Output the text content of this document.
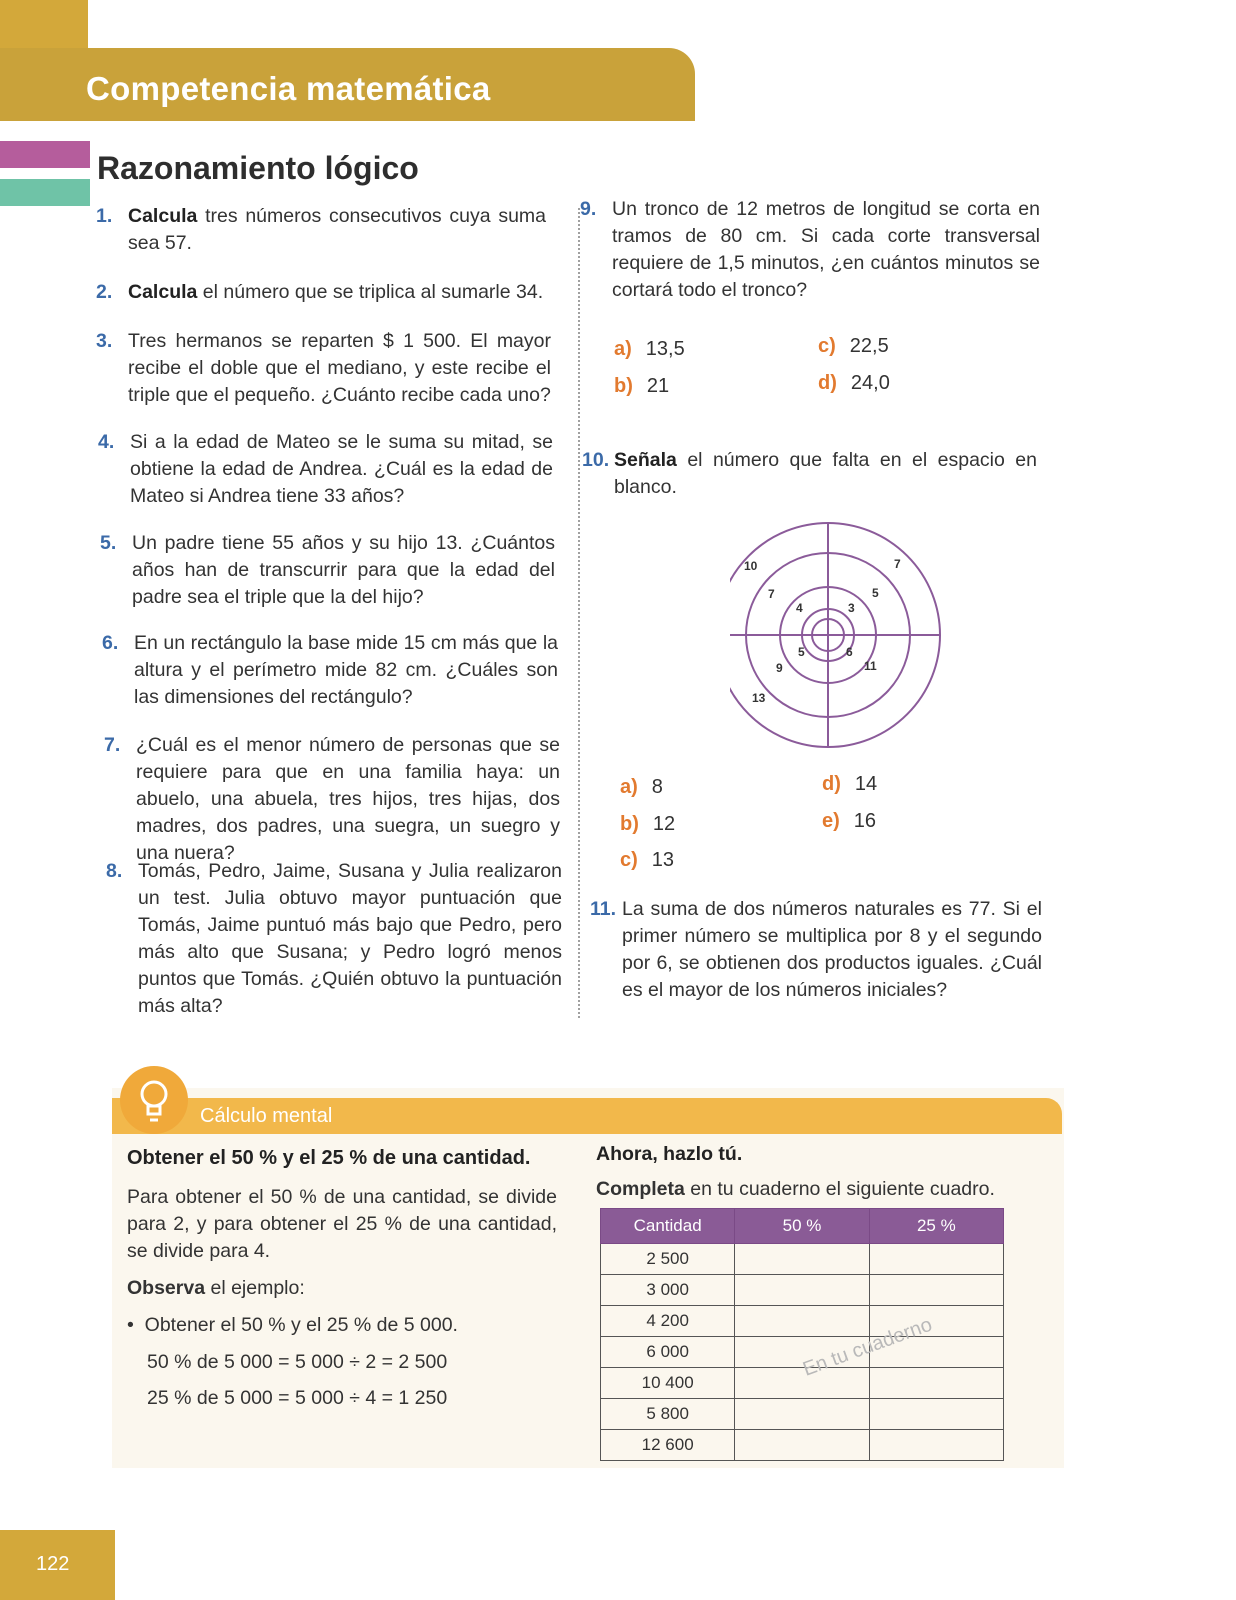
Competencia matemática
Razonamiento lógico
1. Calcula tres números consecutivos cuya suma sea 57.
2. Calcula el número que se triplica al sumarle 34.
3. Tres hermanos se reparten $ 1 500. El mayor recibe el doble que el mediano, y este recibe el triple que el pequeño. ¿Cuánto recibe cada uno?
4. Si a la edad de Mateo se le suma su mitad, se obtiene la edad de Andrea. ¿Cuál es la edad de Mateo si Andrea tiene 33 años?
5. Un padre tiene 55 años y su hijo 13. ¿Cuántos años han de transcurrir para que la edad del padre sea el triple que la del hijo?
6. En un rectángulo la base mide 15 cm más que la altura y el perímetro mide 82 cm. ¿Cuáles son las dimensiones del rectángulo?
7. ¿Cuál es el menor número de personas que se requiere para que en una familia haya: un abuelo, una abuela, tres hijos, tres hijas, dos madres, dos padres, una suegra, un suegro y una nuera?
8. Tomás, Pedro, Jaime, Susana y Julia realizaron un test. Julia obtuvo mayor puntuación que Tomás, Jaime puntuó más bajo que Pedro, pero más alto que Susana; y Pedro logró menos puntos que Tomás. ¿Quién obtuvo la puntuación más alta?
9. Un tronco de 12 metros de longitud se corta en tramos de 80 cm. Si cada corte transversal requiere de 1,5 minutos, ¿en cuántos minutos se cortará todo el tronco?
a) 13,5
b) 21
c) 22,5
d) 24,0
10. Señala el número que falta en el espacio en blanco.
10
7
7
4	3
5
5	6
9	11
13
a) 8
b) 12
c) 13
d) 14
e) 16
11. La suma de dos números naturales es 77. Si el primer número se multiplica por 8 y el segundo por 6, se obtienen dos productos iguales. ¿Cuál es el mayor de los números iniciales?
Cálculo mental
Obtener el 50 % y el 25 % de una cantidad.
Para obtener el 50 % de una cantidad, se divide para 2, y para obtener el 25 % de una cantidad, se divide para 4.
Observa el ejemplo:
•  Obtener el 50 % y el 25 % de 5 000.
50 % de 5 000 = 5 000 ÷ 2 = 2 500
25 % de 5 000 = 5 000 ÷ 4 = 1 250
Ahora, hazlo tú.
Completa en tu cuaderno el siguiente cuadro.
Cantidad	50 %	25 %
2 500		
3 000		
4 200		
6 000		
10 400		
5 800		
12 600		
En tu cuaderno
122
